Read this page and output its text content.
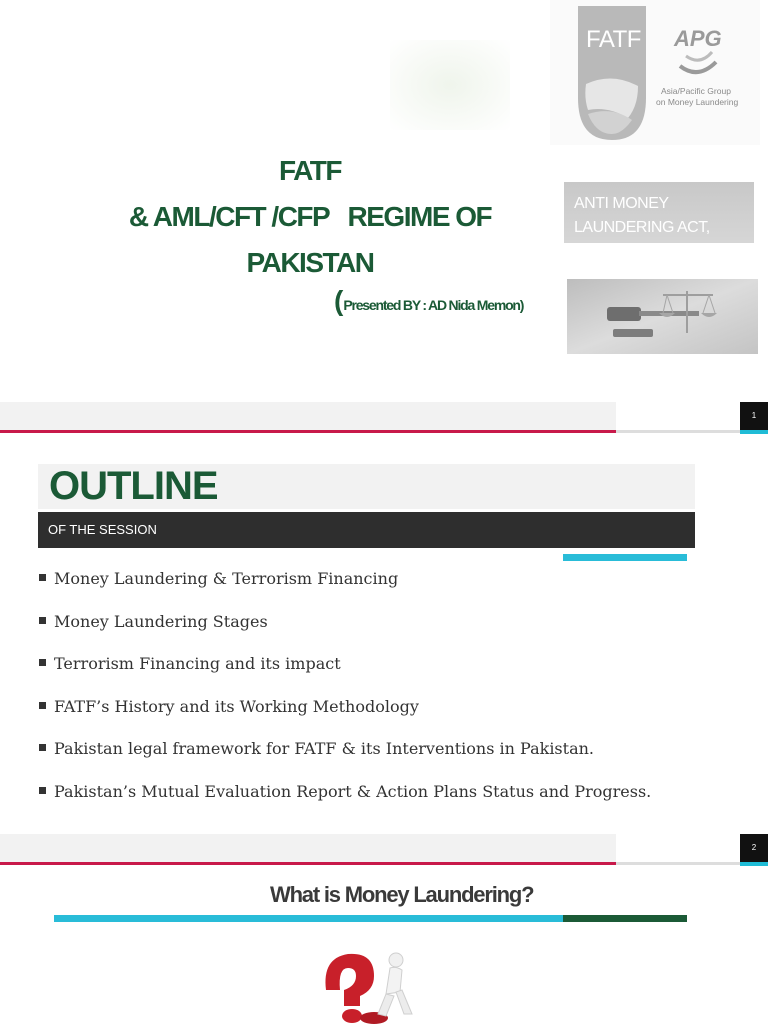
FATF APG
Asia/Pacific Group
on Money Laundering
FATF
& AML/CFT /CFP   REGIME OF
PAKISTAN
(Presented BY : AD Nida Memon)
ANTI MONEY
LAUNDERING ACT, 2010
1
OUTLINE
OF THE SESSION
Money Laundering & Terrorism Financing
Money Laundering Stages
Terrorism Financing and its impact
FATF’s History and its Working Methodology
Pakistan legal framework for FATF & its Interventions in Pakistan.
Pakistan’s Mutual Evaluation Report & Action Plans Status and Progress.
2
What is Money Laundering?
